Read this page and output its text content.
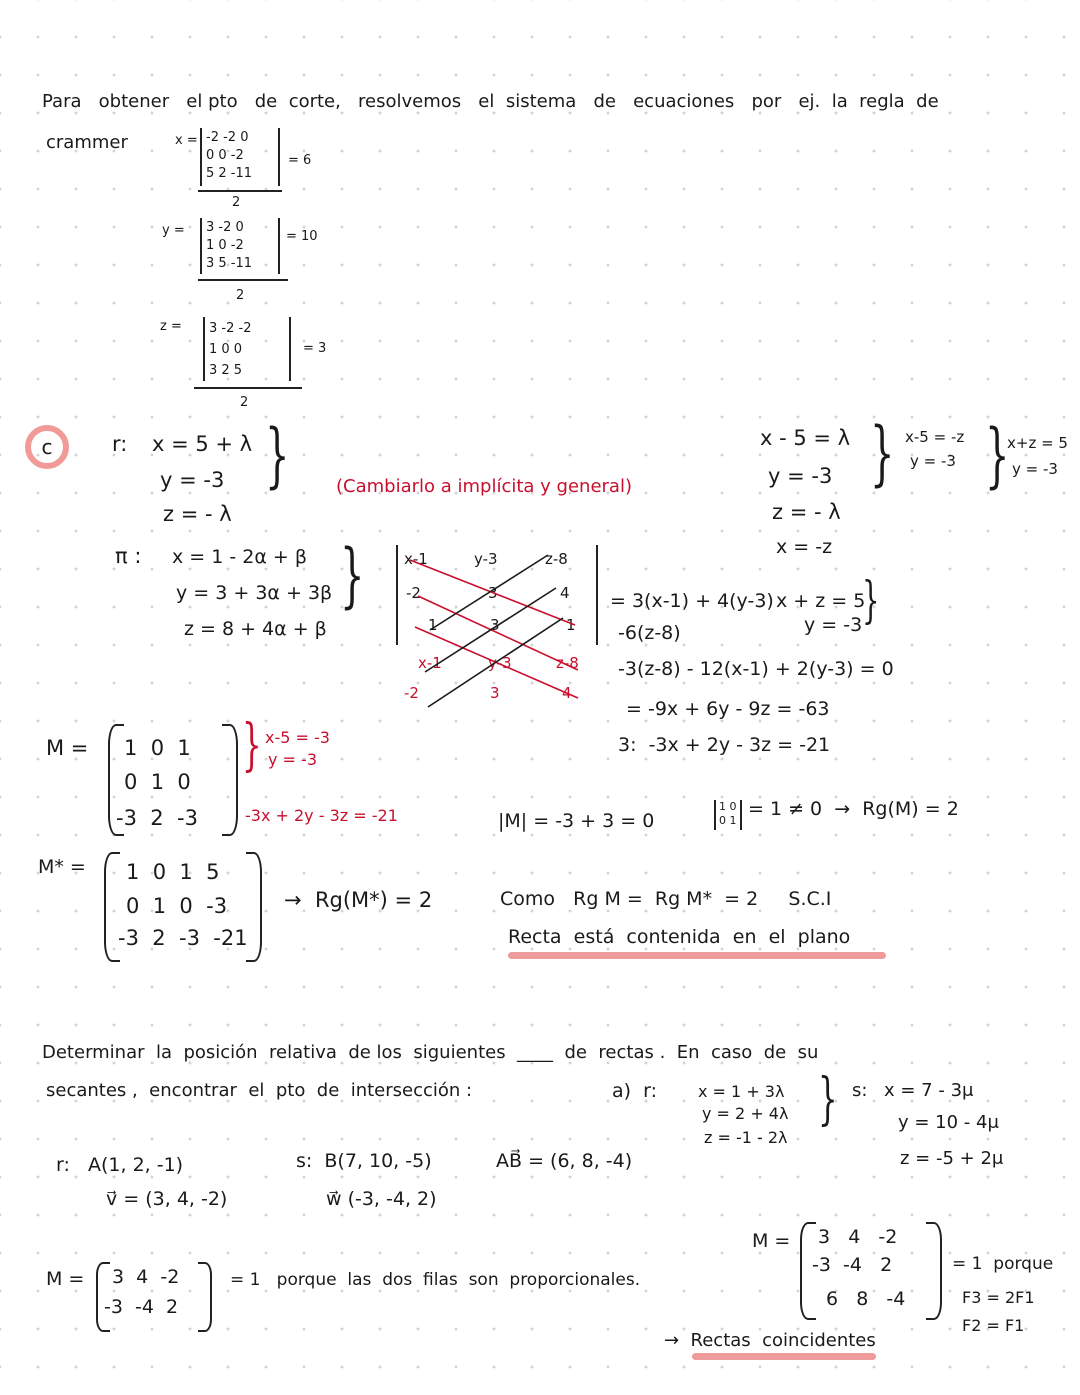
Para   obtener   el pto   de  corte,   resolvemos   el  sistema   de   ecuaciones   por   ej.  la  regla  de
crammer	x = -2 -2 0
0 0 -2
5 2 -11
= 6
2
y = 3 -2 0
1 0 -2
3 5 -11
= 10
2
z = 3 -2 -2
1 0 0
3 2 5
= 3
2
c	r: x = 5 + λ
y = -3
z = - λ
}	(Cambiarlo a implícita y general)
x - 5 = λ
y = -3
z = - λ
x = -z
} x-5 = -z
y = -3 }
x+z = 5
y = -3
π : x = 1 - 2α + β
y = 3 + 3α + 3β
z = 8 + 4α + β
}	x-1	y-3	z-8
-2	3	4
1	3	1
x-1	y-3	z-8
-2	3	4
= 3(x-1) + 4(y-3)
-6(z-8)
-3(z-8) - 12(x-1) + 2(y-3) = 0
= -9x + 6y - 9z = -63
3:  -3x + 2y - 3z = -21
x + z = 5
y = -3 }
M = 1  0  1
0  1  0
-3  2  -3
} x-5 = -3
y = -3
-3x + 2y - 3z = -21	|M| = -3 + 3 = 0
1 0
0 1
= 1 ≠ 0  →  Rg(M) = 2
M* = 1  0  1  5
0  1  0  -3
-3  2  -3  -21
→  Rg(M*) = 2	Como   Rg M =  Rg M*  = 2     S.C.I
Recta  está  contenida  en  el  plano
Determinar  la  posición  relativa  de los  siguientes  ____  de  rectas .  En  caso  de  su
secantes ,  encontrar  el  pto  de  intersección :	a)  r:	x = 1 + 3λ
y = 2 + 4λ
z = -1 - 2λ
} s: x = 7 - 3μ
y = 10 - 4μ
z = -5 + 2μ
r:   A(1, 2, -1)
v⃗ = (3, 4, -2)
s:  B(7, 10, -5)
w⃗ (-3, -4, 2)
AB⃗ = (6, 8, -4)
M = 3  4  -2
-3  -4  2
= 1   porque  las  dos  filas  son  proporcionales.
M = 3   4   -2
-3  -4   2
6   8   -4
= 1  porque
F3 = 2F1
F2 = F1
→  Rectas  coincidentes
